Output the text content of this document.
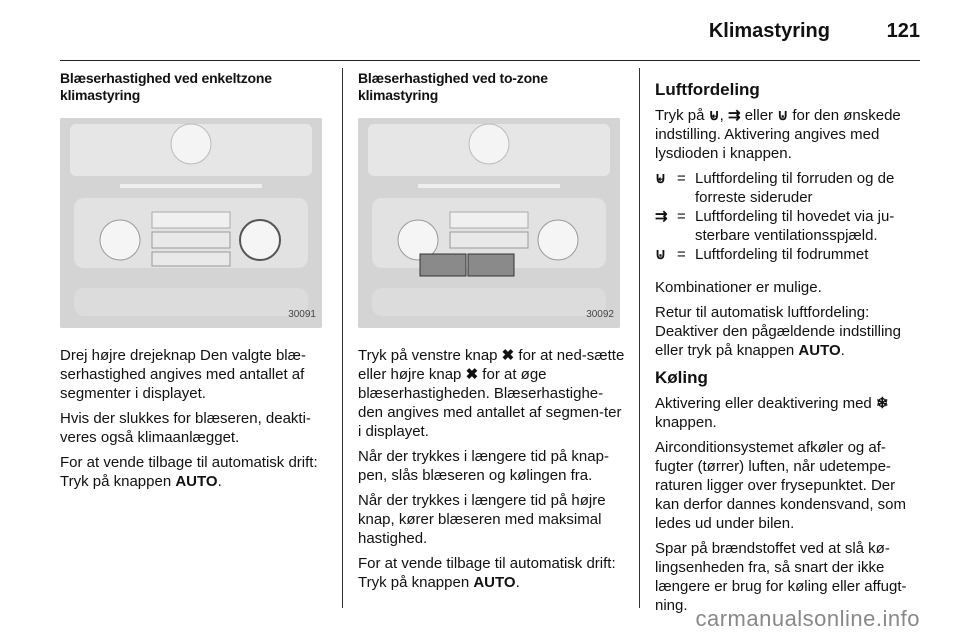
Klimastyring	121

Blæserhastighed ved enkeltzone klimastyring

30091

Drej højre drejeknap Den valgte blæ-serhastighed angives med antallet af segmenter i displayet.

Hvis der slukkes for blæseren, deakti-veres også klimaanlægget.

For at vende tilbage til automatisk drift: Tryk på knappen AUTO.

Blæserhastighed ved to-zone klimastyring

30092

Tryk på venstre knap ✖ for at ned-sætte eller højre knap ✖ for at øge blæserhastigheden. Blæserhastighe-den angives med antallet af segmen-ter i displayet.

Når der trykkes i længere tid på knap-pen, slås blæseren og kølingen fra.

Når der trykkes i længere tid på højre knap, kører blæseren med maksimal hastighed.

For at vende tilbage til automatisk drift: Tryk på knappen AUTO.

Luftfordeling

Tryk på ⊌, ⇉ eller ⊍ for den ønskede indstilling. Aktivering angives med lysdioden i knappen.

⊌ = Luftfordeling til forruden og de forreste sideruder
⇉ = Luftfordeling til hovedet via ju-sterbare ventilationsspjæld.
⊍ = Luftfordeling til fodrummet

Kombinationer er mulige.

Retur til automatisk luftfordeling: Deaktiver den pågældende indstilling eller tryk på knappen AUTO.

Køling

Aktivering eller deaktivering med ❄ knappen.

Airconditionsystemet afkøler og af-fugter (tørrer) luften, når udetempe-raturen ligger over frysepunktet. Der kan derfor dannes kondensvand, som ledes ud under bilen.

Spar på brændstoffet ved at slå kø-lingsenheden fra, så snart der ikke længere er brug for køling eller affugt-ning.

carmanualsonline.info
